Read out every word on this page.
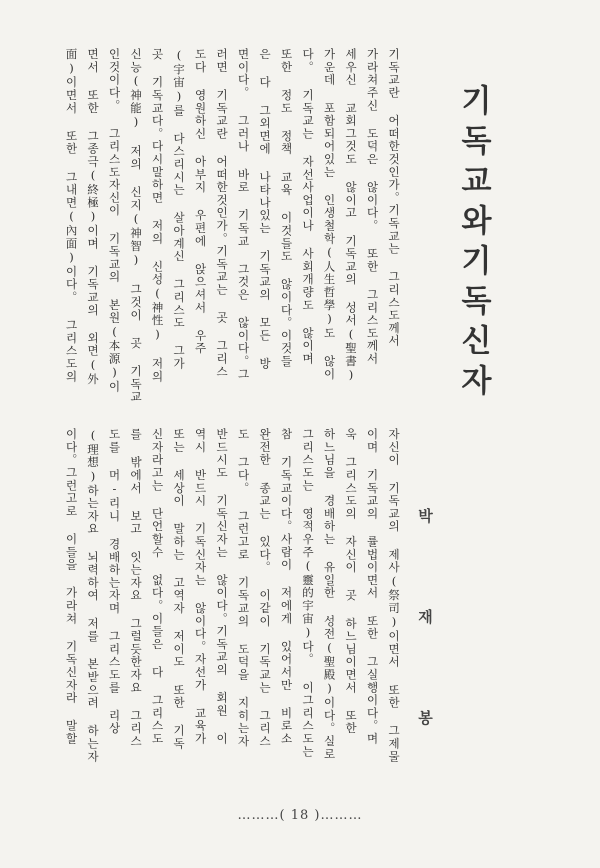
기독교와기독신자
기독교란 어떠한것인가。기독교는 그리스도께서
가라쳐주신 도덕은 않이다。 또한 그리스도께서
세우신 교회그것도 않이고 기독교의 성서(聖書)
가운데 포함되어있는 인생철학(人生哲學)도 않이
다。 기독교는 자선사업이나 사회개량도 않이며
또한 정도 정책 교육 이것들도 않이다。이것들
은 다 그외면에 나타나있는 기독교의 모든 방
면이다。 그러나 바로 기독교 그것은 않이다。그
러면 기독교란 어떠한것인가。기독교는 곳 그리스
도다 영원하신 아부지 우편에 앉으셔서 우주
(宇宙)를 다스리시는 살아계신 그리스도 그가
곳 기독교다。다시말하면 저의 신성(神性) 저의
신능(神能) 저의 신지(神智) 그것이 곳 기독교
인것이다。 그리스도자신이 기독교의 본원(本源)이
면서 또한 그종극(終極)이며 기독교의 외면(外
面)이면서 또한 그내면(內面)이다。 그리스도의
박 재 봉
자신이 기독교의 제사(祭司)이면서 또한 그제물
이며 기독교의 률법이면서 또한 그실행이다。며
욱 그리스도의 자신이 곳 하느님이면서 또한
하느님을 경배하는 유일한 성전(聖殿)이다。실로
그리스도는 영적우주(靈的宇宙)다。 이그리스도는
참 기독교이다。사람이 저에게 있어서만 비로소
완전한 종교는 있다。 이같이 기독교는 그리스
도 그다。 그런고로 기독교의 도덕을 지히는자
반드시도 기독신자는 않이다。기독교의 회원 이
역시 반드시 기독신자는 않이다。자선가 교육가
또는 세상이 말하는 고역자 저이도 또한 기독
신자라고는 단언할수 없다。이들은 다 그리스도
를 밖에서 보고 잇는자요 그럴듯한자요 그리스
도를 머-리니 경배하는자며 그리스도를 리상
(理想)하는자요 뇌력하여 저를 본받으려 하는자
이다。그런고로 이들을 가라쳐 기독신자라 말할
………( 18 )………
